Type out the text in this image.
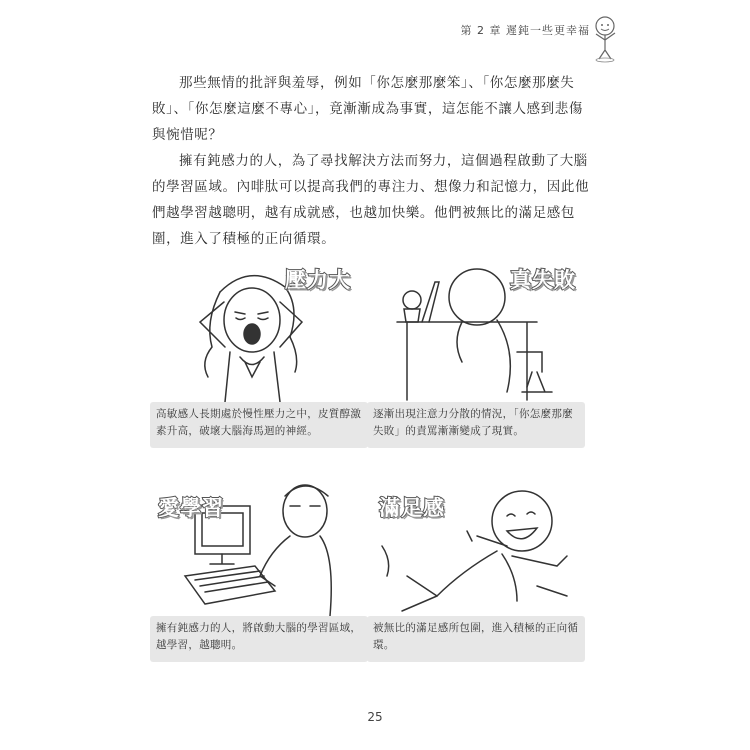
第 2 章 遲鈍一些更幸福

那些無情的批評與羞辱，例如「你怎麼那麼笨」、「你怎麼那麼失敗」、「你怎麼這麼不專心」，竟漸漸成為事實，這怎能不讓人感到悲傷與惋惜呢？

擁有鈍感力的人，為了尋找解決方法而努力，這個過程啟動了大腦的學習區域。內啡肽可以提高我們的專注力、想像力和記憶力，因此他們越學習越聰明，越有成就感，也越加快樂。他們被無比的滿足感包圍，進入了積極的正向循環。

壓力大
高敏感人長期處於慢性壓力之中，皮質醇激素升高，破壞大腦海馬迴的神經。
真失敗
逐漸出現注意力分散的情況，「你怎麼那麼失敗」的責罵漸漸變成了現實。
愛學習
擁有鈍感力的人，將啟動大腦的學習區域，越學習，越聰明。
滿足感
被無比的滿足感所包圍，進入積極的正向循環。
25
